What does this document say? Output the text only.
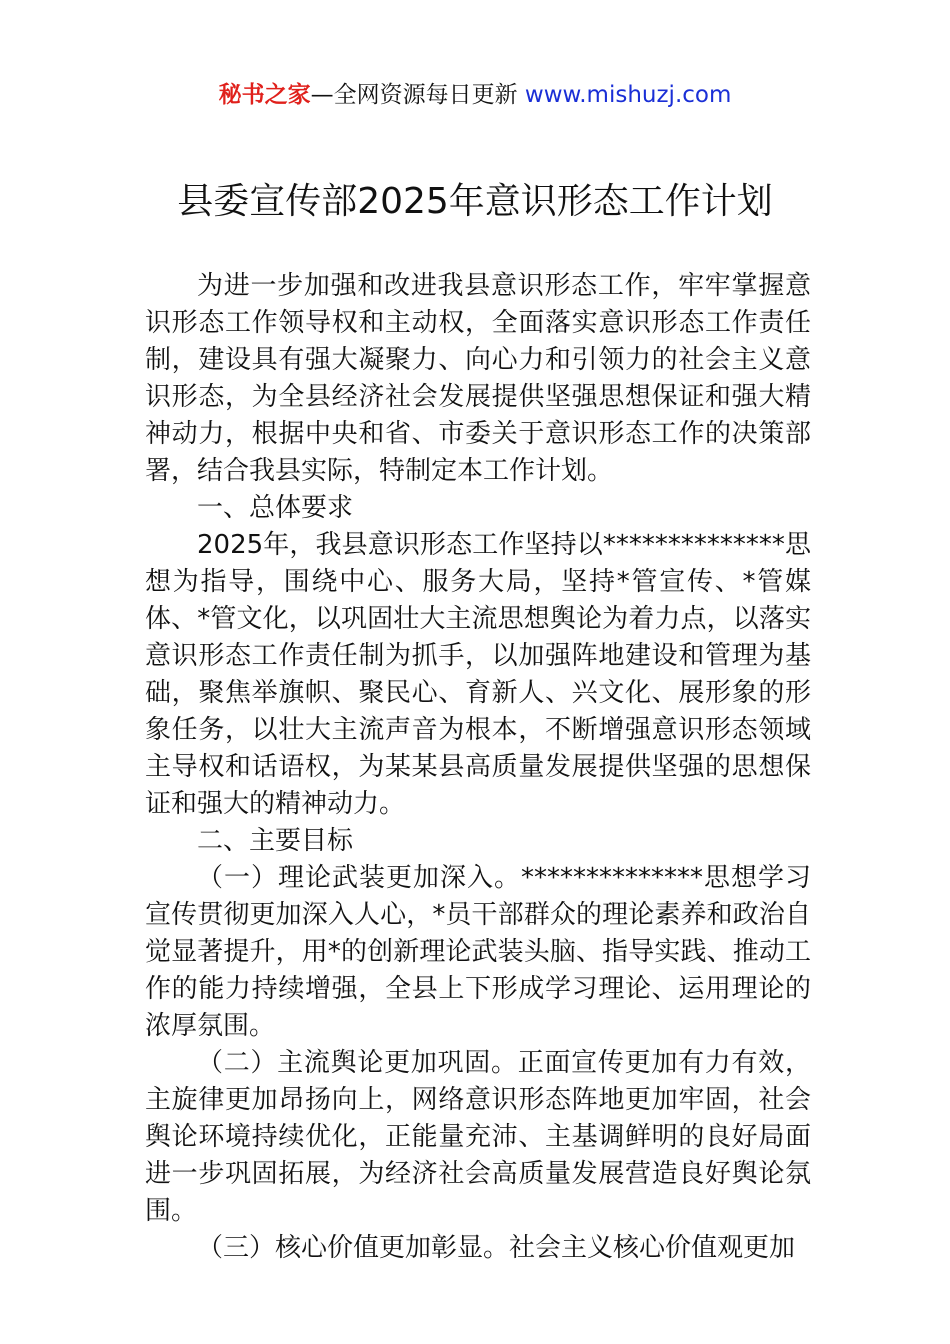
秘书之家—全网资源每日更新 www.mishuzj.com
县委宣传部2025年意识形态工作计划

为进一步加强和改进我县意识形态工作，牢牢掌握意识形态工作领导权和主动权，全面落实意识形态工作责任制，建设具有强大凝聚力、向心力和引领力的社会主义意识形态，为全县经济社会发展提供坚强思想保证和强大精神动力，根据中央和省、市委关于意识形态工作的决策部署，结合我县实际，特制定本工作计划。

一、总体要求

2025年，我县意识形态工作坚持以**************思想为指导，围绕中心、服务大局，坚持*管宣传、*管媒体、*管文化，以巩固壮大主流思想舆论为着力点，以落实意识形态工作责任制为抓手，以加强阵地建设和管理为基础，聚焦举旗帜、聚民心、育新人、兴文化、展形象的形象任务，以壮大主流声音为根本，不断增强意识形态领域主导权和话语权，为某某县高质量发展提供坚强的思想保证和强大的精神动力。

二、主要目标

（一）理论武装更加深入。**************思想学习宣传贯彻更加深入人心，*员干部群众的理论素养和政治自觉显著提升，用*的创新理论武装头脑、指导实践、推动工作的能力持续增强，全县上下形成学习理论、运用理论的浓厚氛围。

（二）主流舆论更加巩固。正面宣传更加有力有效，主旋律更加昂扬向上，网络意识形态阵地更加牢固，社会舆论环境持续优化，正能量充沛、主基调鲜明的良好局面进一步巩固拓展，为经济社会高质量发展营造良好舆论氛围。

（三）核心价值更加彰显。社会主义核心价值观更加
